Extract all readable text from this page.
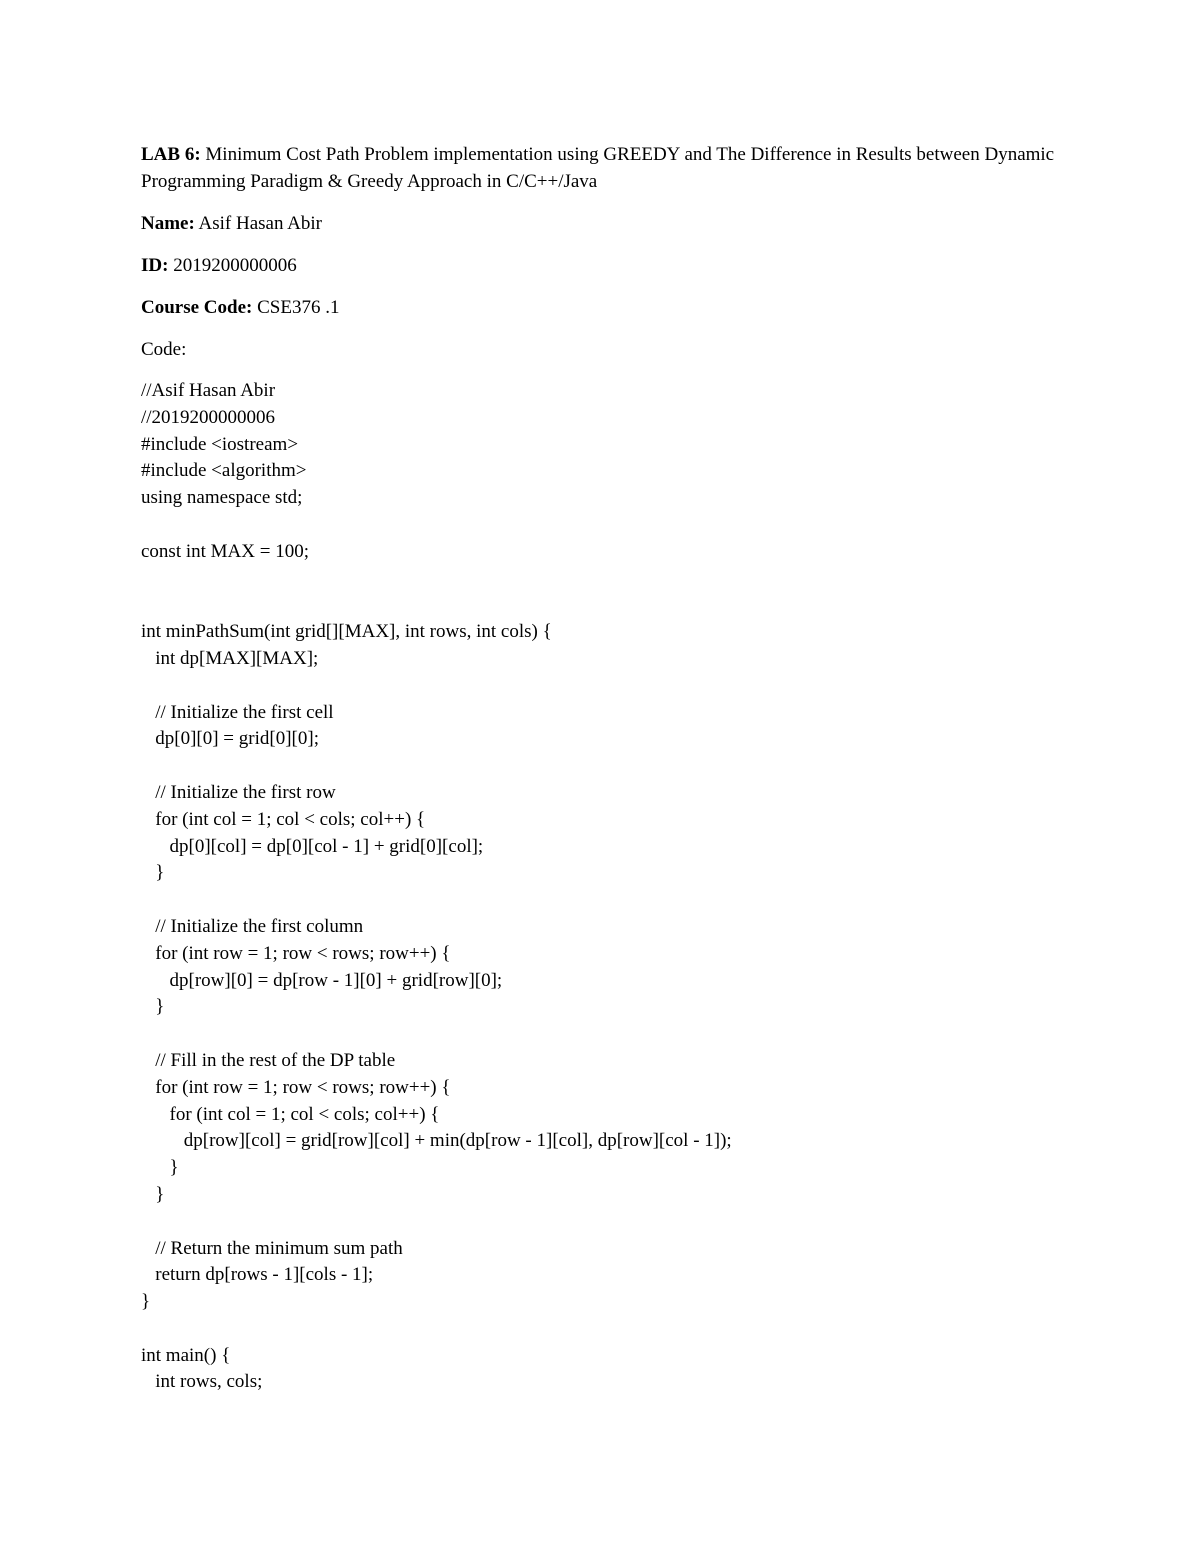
LAB 6: Minimum Cost Path Problem implementation using GREEDY and The Difference in Results between Dynamic Programming Paradigm & Greedy Approach in C/C++/Java

Name: Asif Hasan Abir

ID: 2019200000006

Course Code: CSE376 .1

Code:

//Asif Hasan Abir
//2019200000006
#include <iostream>
#include <algorithm>
using namespace std;
const int MAX = 100;
int minPathSum(int grid[][MAX], int rows, int cols) {
int dp[MAX][MAX];
// Initialize the first cell
dp[0][0] = grid[0][0];
// Initialize the first row
for (int col = 1; col < cols; col++) {
dp[0][col] = dp[0][col - 1] + grid[0][col];
}
// Initialize the first column
for (int row = 1; row < rows; row++) {
dp[row][0] = dp[row - 1][0] + grid[row][0];
}
// Fill in the rest of the DP table
for (int row = 1; row < rows; row++) {
for (int col = 1; col < cols; col++) {
dp[row][col] = grid[row][col] + min(dp[row - 1][col], dp[row][col - 1]);
}
}
// Return the minimum sum path
return dp[rows - 1][cols - 1];
}
int main() {
int rows, cols;
